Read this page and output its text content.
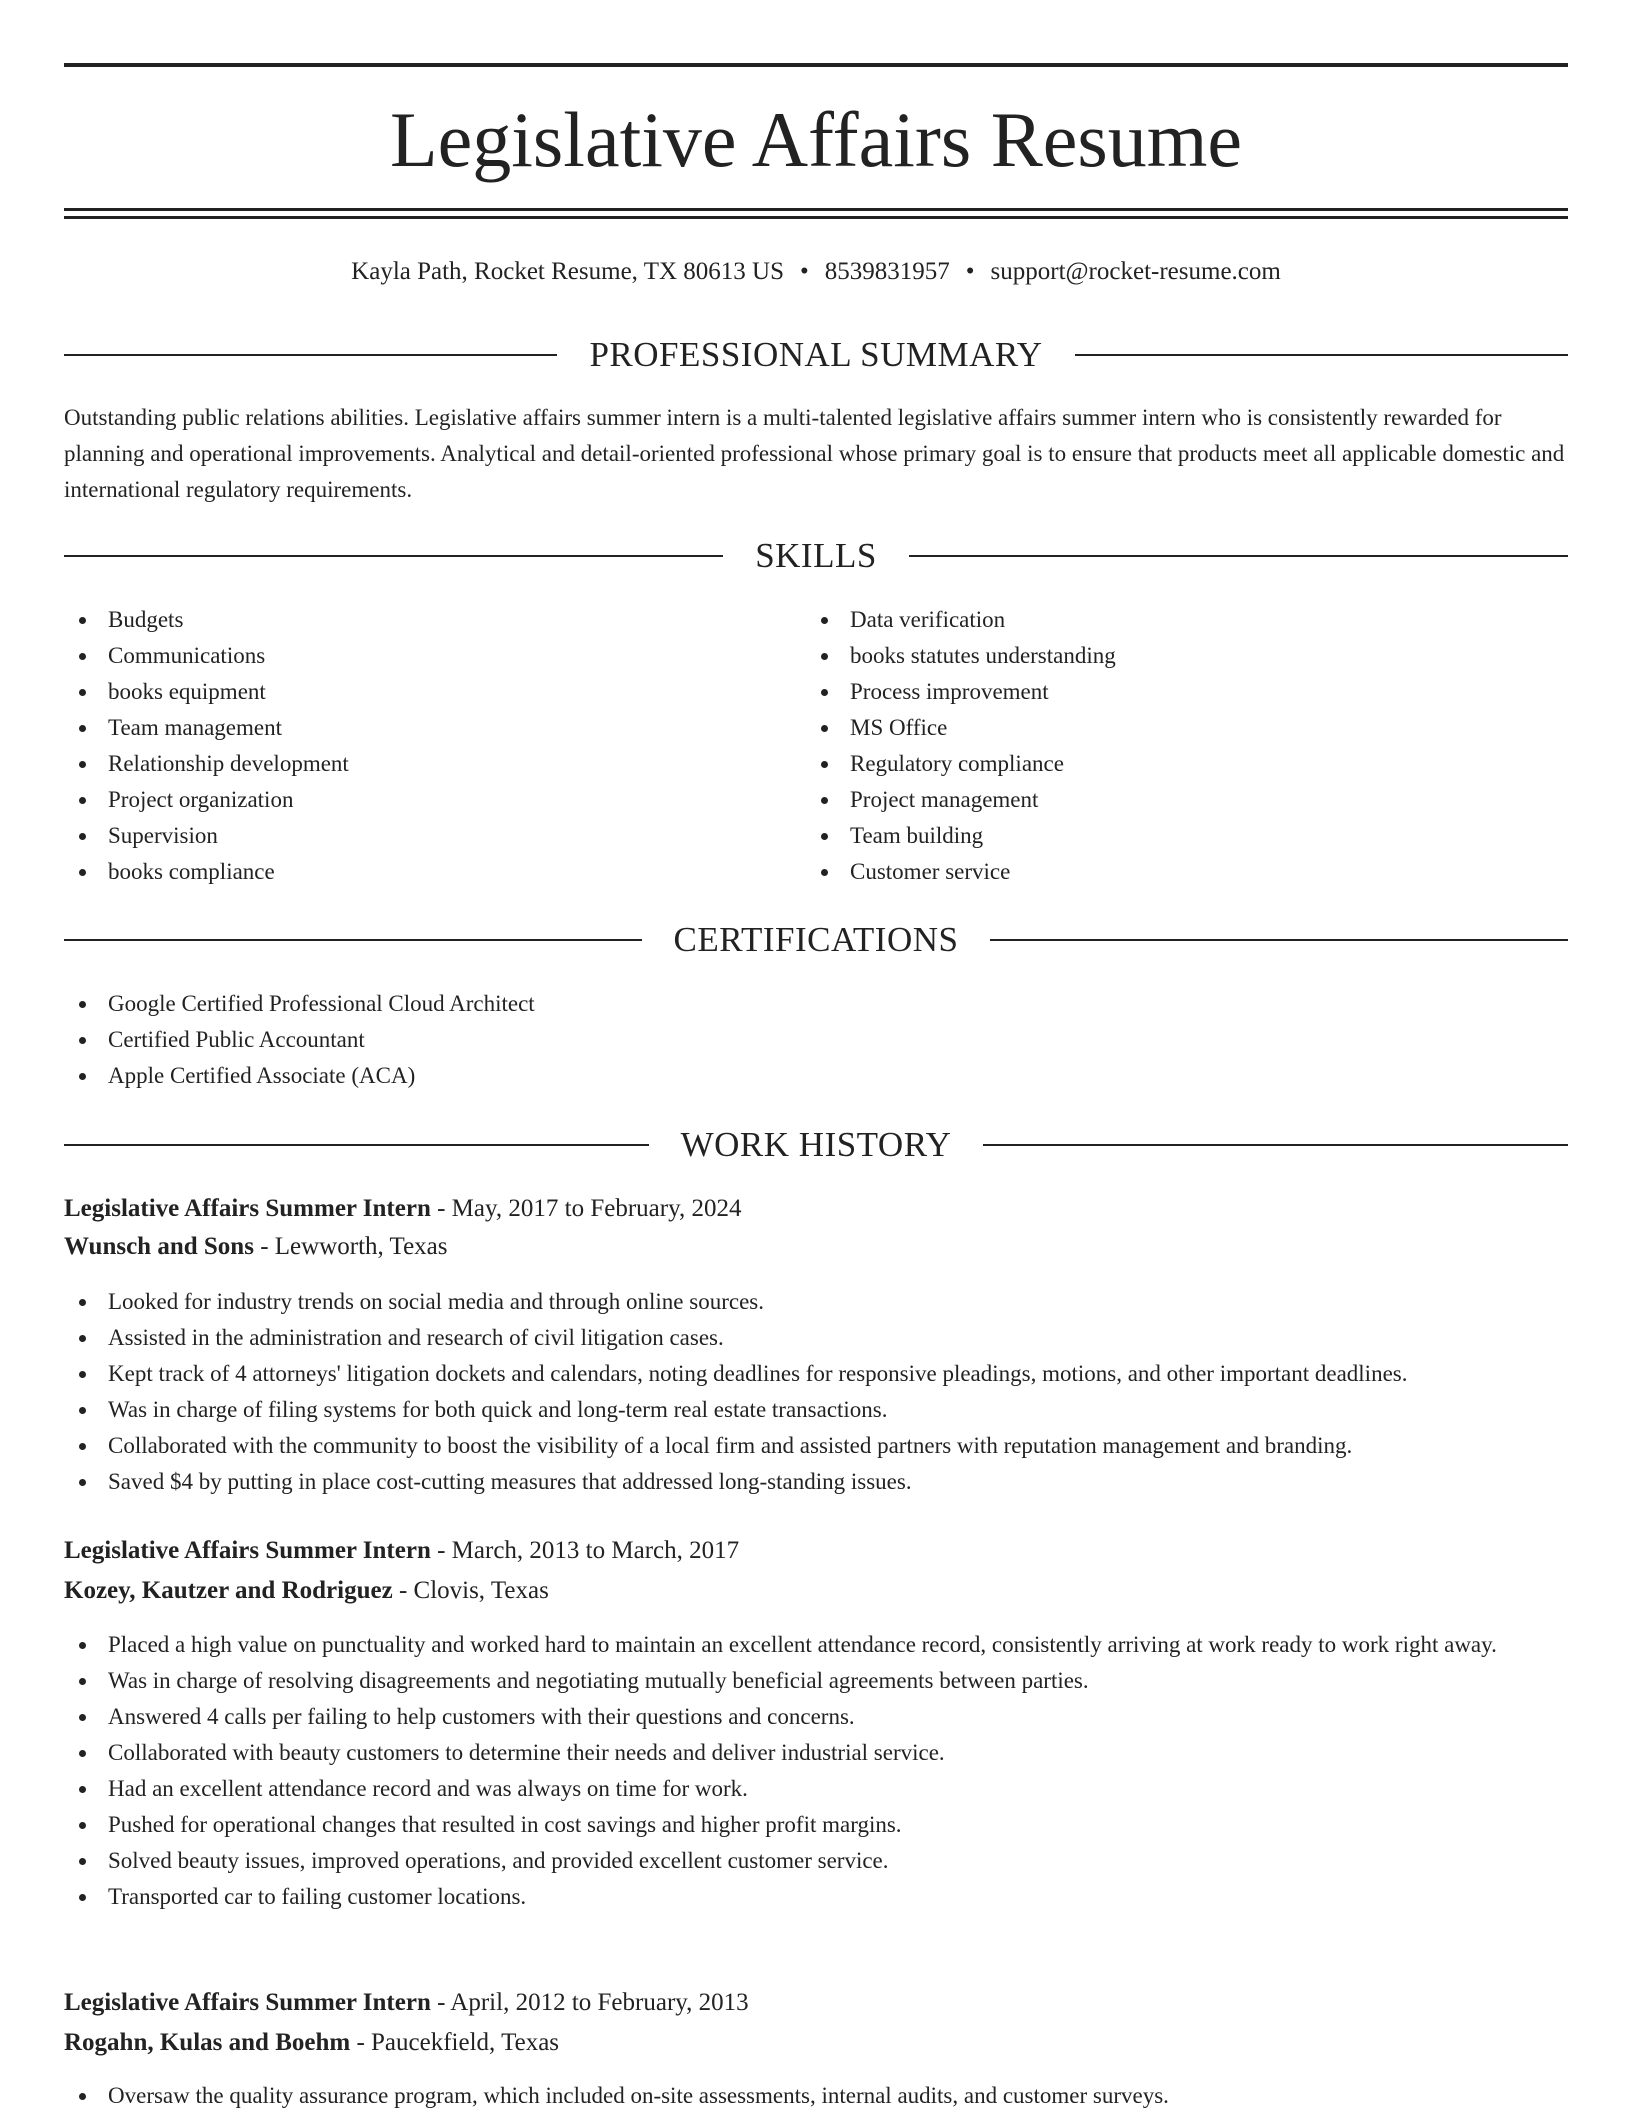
Legislative Affairs Resume
Kayla Path, Rocket Resume, TX 80613 US • 8539831957 • support@rocket-resume.com
PROFESSIONAL SUMMARY

Outstanding public relations abilities. Legislative affairs summer intern is a multi-talented legislative affairs summer intern who is consistently rewarded for planning and operational improvements. Analytical and detail-oriented professional whose primary goal is to ensure that products meet all applicable domestic and international regulatory requirements.

SKILLS
Budgets
Communications
books equipment
Team management
Relationship development
Project organization
Supervision
books compliance
Data verification
books statutes understanding
Process improvement
MS Office
Regulatory compliance
Project management
Team building
Customer service
CERTIFICATIONS
Google Certified Professional Cloud Architect
Certified Public Accountant
Apple Certified Associate (ACA)
WORK HISTORY
Legislative Affairs Summer Intern - May, 2017 to February, 2024
Wunsch and Sons - Lewworth, Texas
Looked for industry trends on social media and through online sources.
Assisted in the administration and research of civil litigation cases.
Kept track of 4 attorneys' litigation dockets and calendars, noting deadlines for responsive pleadings, motions, and other important deadlines.
Was in charge of filing systems for both quick and long-term real estate transactions.
Collaborated with the community to boost the visibility of a local firm and assisted partners with reputation management and branding.
Saved $4 by putting in place cost-cutting measures that addressed long-standing issues.
Legislative Affairs Summer Intern - March, 2013 to March, 2017
Kozey, Kautzer and Rodriguez - Clovis, Texas
Placed a high value on punctuality and worked hard to maintain an excellent attendance record, consistently arriving at work ready to work right away.
Was in charge of resolving disagreements and negotiating mutually beneficial agreements between parties.
Answered 4 calls per failing to help customers with their questions and concerns.
Collaborated with beauty customers to determine their needs and deliver industrial service.
Had an excellent attendance record and was always on time for work.
Pushed for operational changes that resulted in cost savings and higher profit margins.
Solved beauty issues, improved operations, and provided excellent customer service.
Transported car to failing customer locations.
Legislative Affairs Summer Intern - April, 2012 to February, 2013
Rogahn, Kulas and Boehm - Paucekfield, Texas
Oversaw the quality assurance program, which included on-site assessments, internal audits, and customer surveys.
